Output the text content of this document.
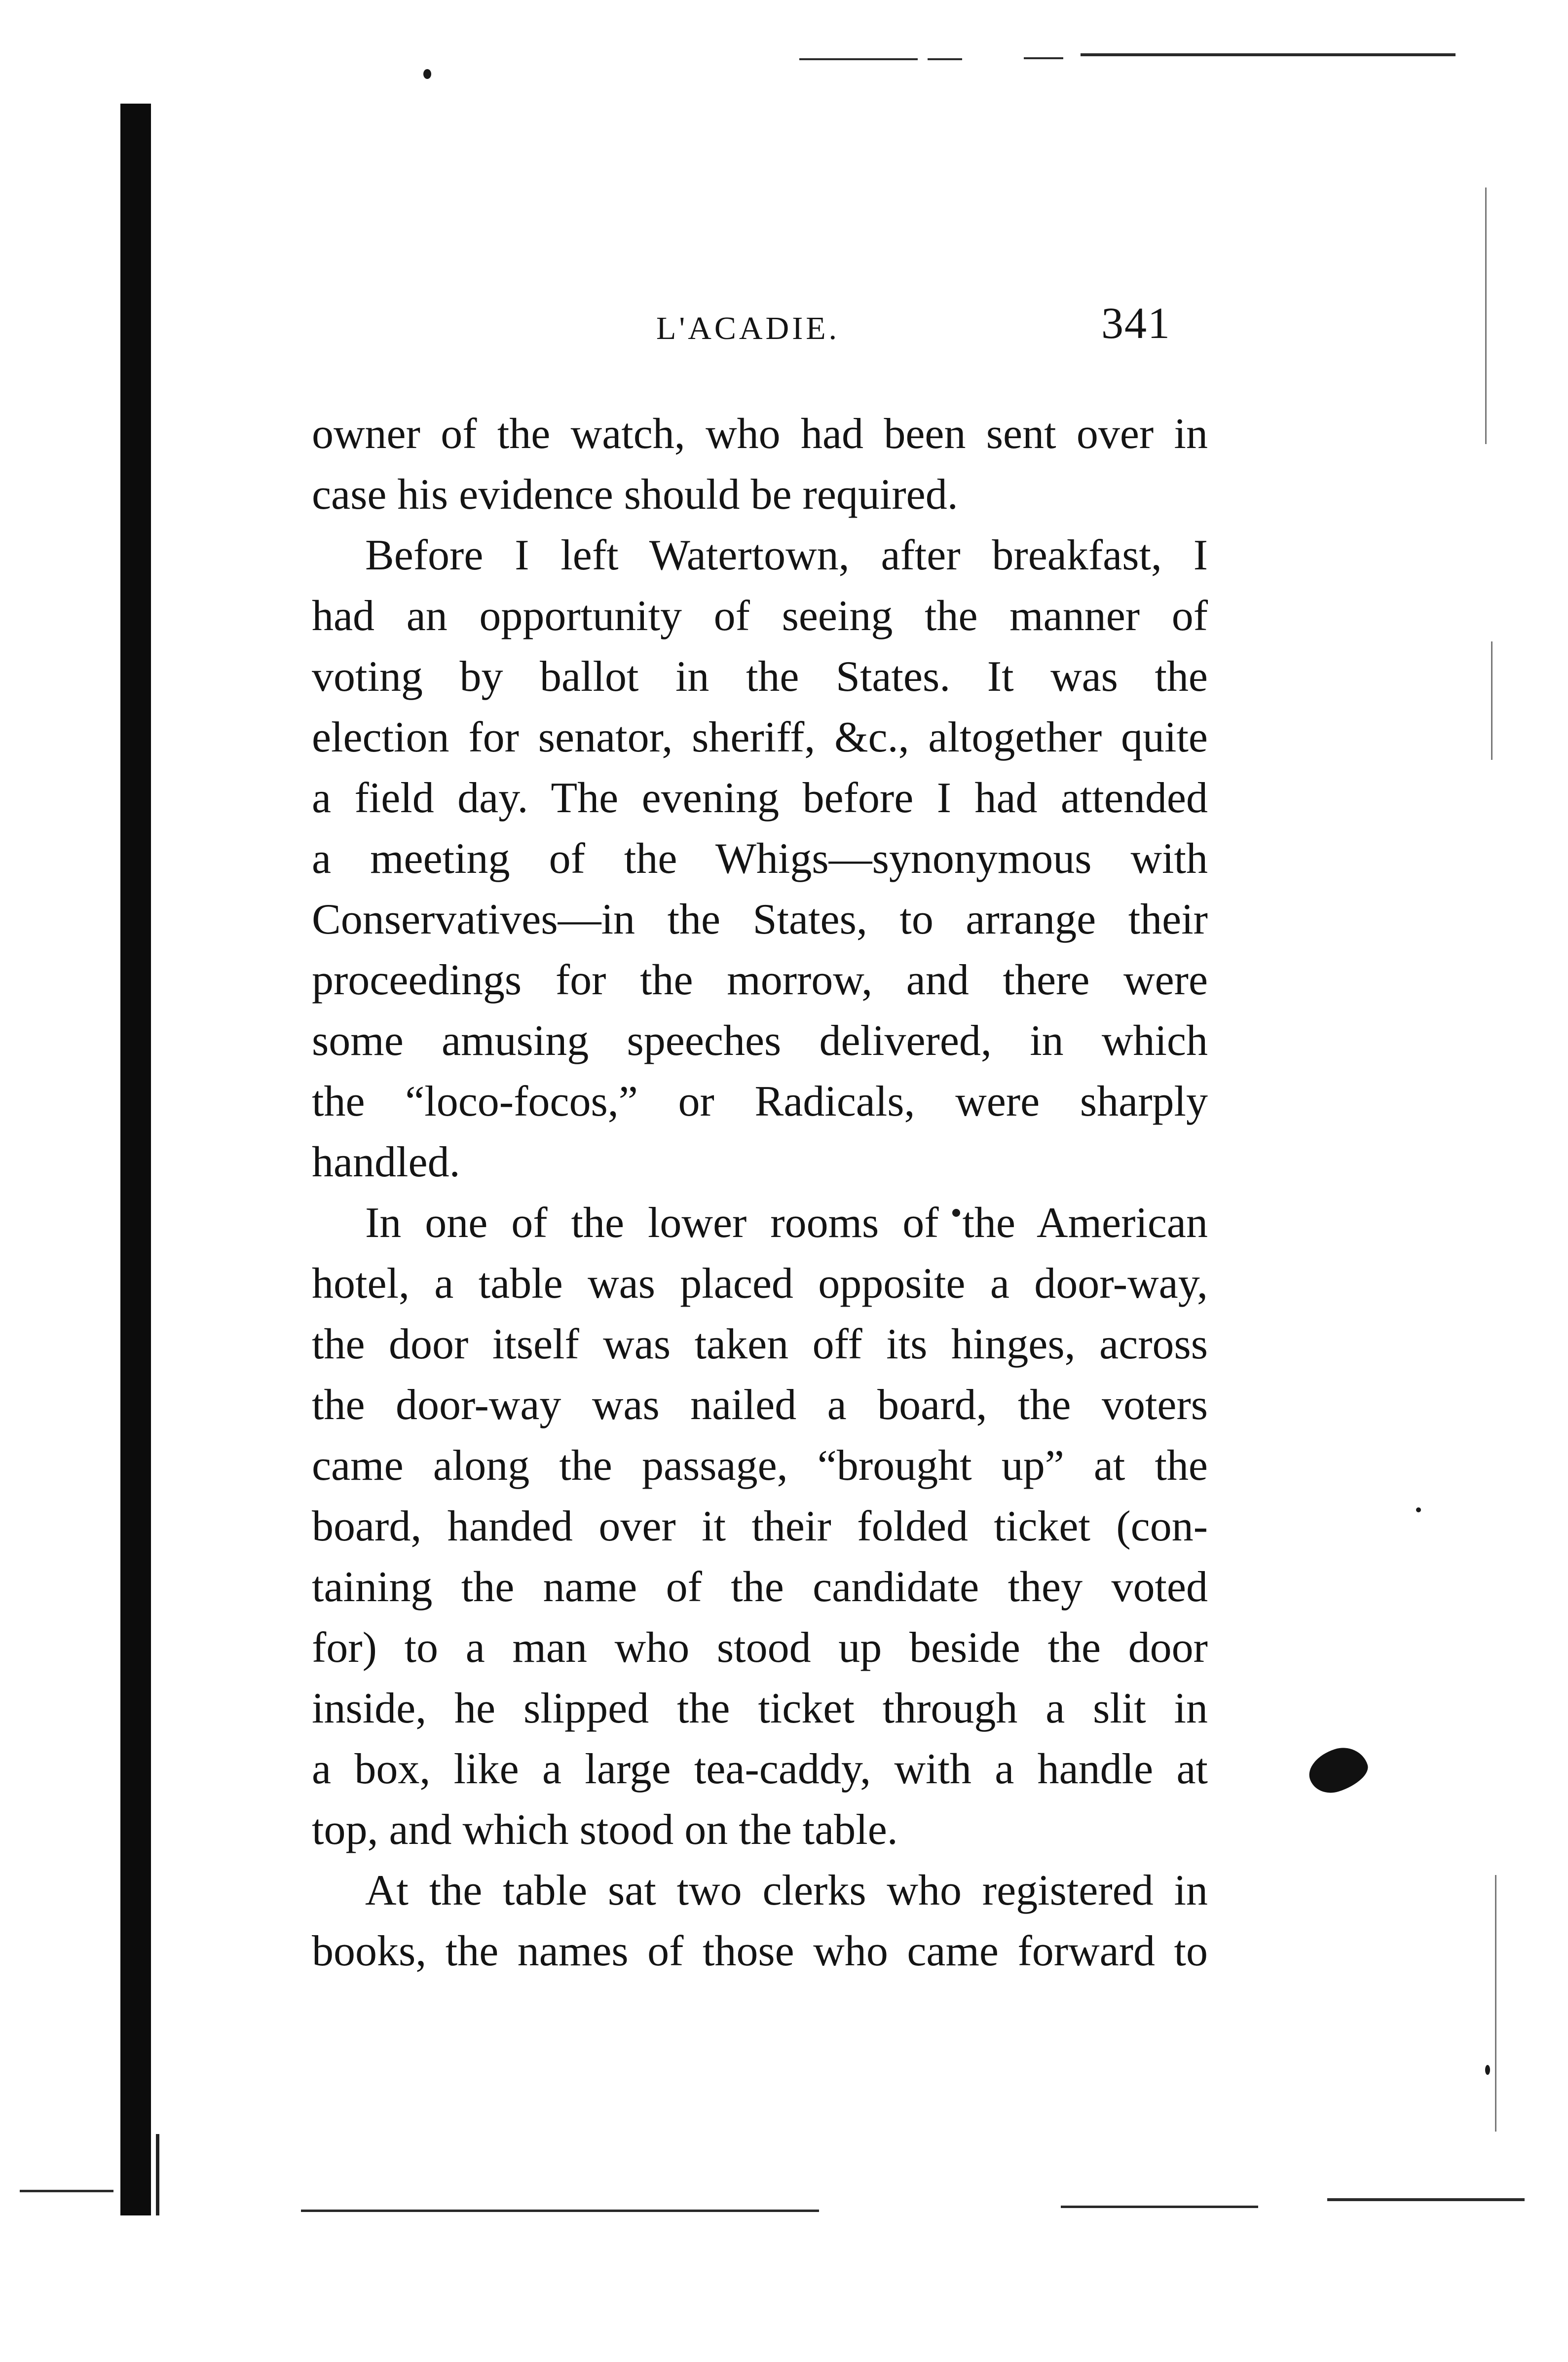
L'ACADIE.	341
owner of the watch, who had been sent over in
case his evidence should be required.
Before I left Watertown, after breakfast, I
had an opportunity of seeing the manner of
voting by ballot in the States. It was the
election for senator, sheriff, &c., altogether quite
a field day. The evening before I had attended
a meeting of the Whigs—synonymous with
Conservatives—in the States, to arrange their
proceedings for the morrow, and there were
some amusing speeches delivered, in which
the “loco-focos,” or Radicals, were sharply
handled.
In one of the lower rooms of the American
hotel, a table was placed opposite a door-way,
the door itself was taken off its hinges, across
the door-way was nailed a board, the voters
came along the passage, “brought up” at the
board, handed over it their folded ticket (con-
taining the name of the candidate they voted
for) to a man who stood up beside the door
inside, he slipped the ticket through a slit in
a box, like a large tea-caddy, with a handle at
top, and which stood on the table.
At the table sat two clerks who registered in
books, the names of those who came forward to
